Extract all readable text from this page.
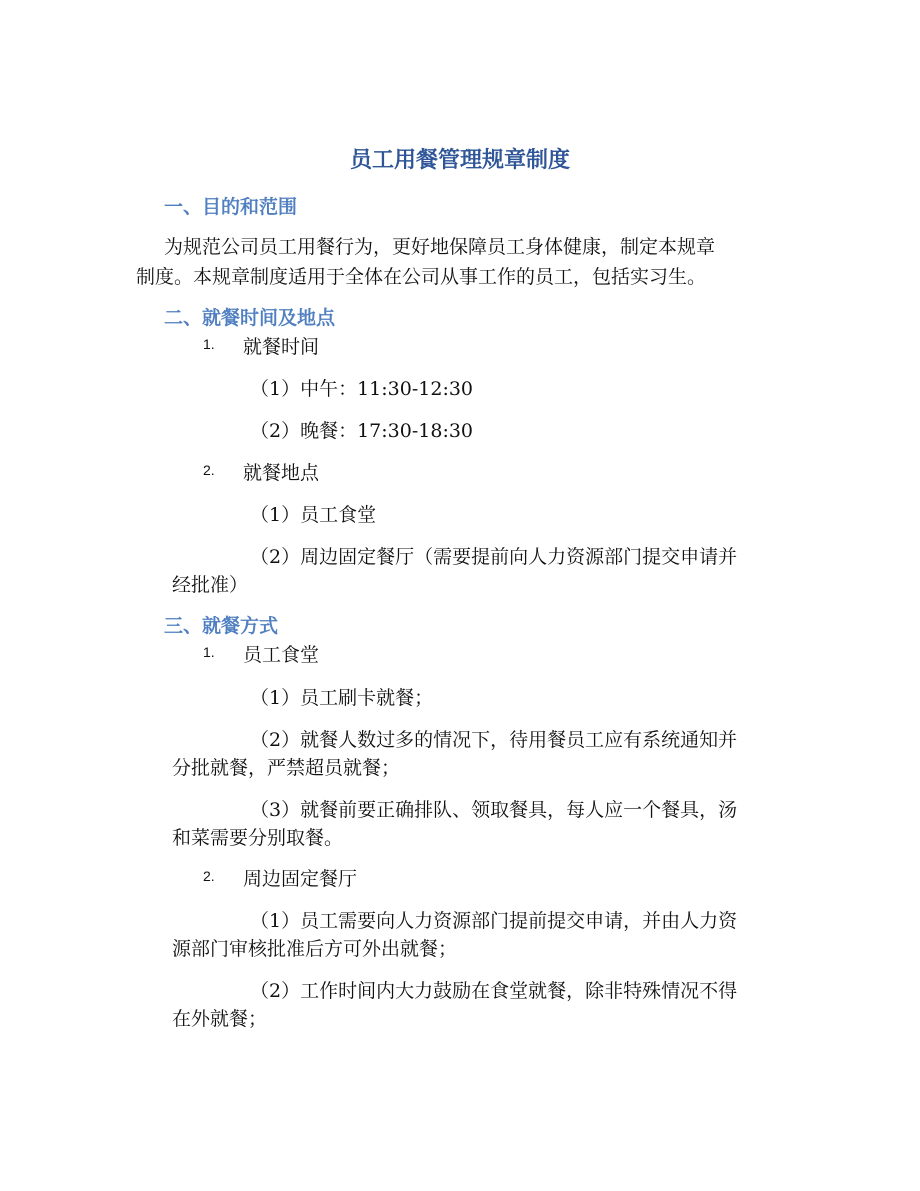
员工用餐管理规章制度
一、目的和范围
为规范公司员工用餐行为，更好地保障员工身体健康，制定本规章
制度。本规章制度适用于全体在公司从事工作的员工，包括实习生。
二、就餐时间及地点
1. 就餐时间
（1）中午：11:30-12:30
（2）晚餐：17:30-18:30
2. 就餐地点
（1）员工食堂
（2）周边固定餐厅（需要提前向人力资源部门提交申请并
经批准）
三、就餐方式
1. 员工食堂
（1）员工刷卡就餐；
（2）就餐人数过多的情况下，待用餐员工应有系统通知并
分批就餐，严禁超员就餐；
（3）就餐前要正确排队、领取餐具，每人应一个餐具，汤
和菜需要分别取餐。
2. 周边固定餐厅
（1）员工需要向人力资源部门提前提交申请，并由人力资
源部门审核批准后方可外出就餐；
（2）工作时间内大力鼓励在食堂就餐，除非特殊情况不得
在外就餐；
